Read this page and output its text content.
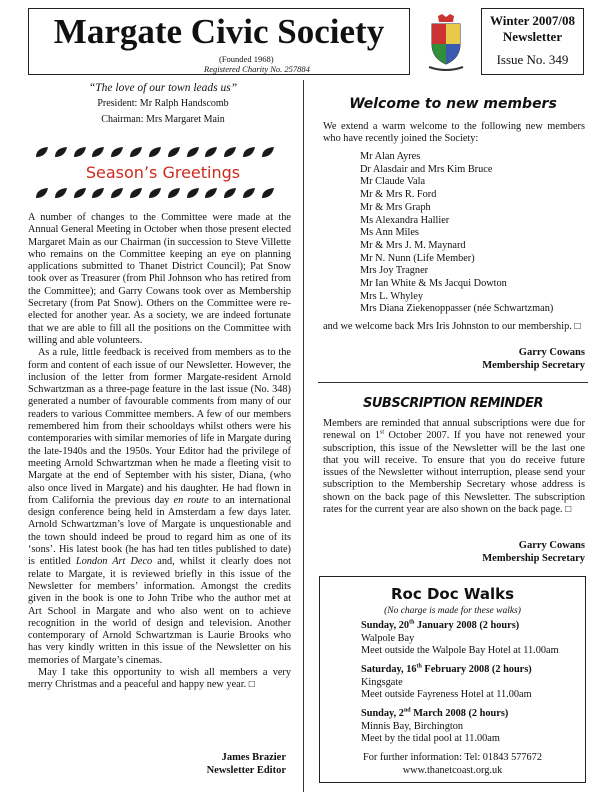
Margate Civic Society
(Founded 1968)
Registered Charity No. 257884
Winter 2007/08
Newsletter
Issue No. 349
“The love of our town leads us”
President: Mr Ralph Handscomb
Chairman: Mrs Margaret Main
Season’s Greetings

A number of changes to the Committee were made at the Annual General Meeting in October when those present elected Margaret Main as our Chairman (in succession to Steve Villette who remains on the Committee keeping an eye on planning applications submitted to Thanet District Council); Pat Snow took over as Treasurer (from Phil Johnson who has retired from the Committee); and Garry Cowans took over as Membership Secretary (from Pat Snow). Others on the Committee were re-elected for another year. As a society, we are indeed fortunate that we are able to fill all the positions on the Committee with willing and able volunteers.

As a rule, little feedback is received from members as to the form and content of each issue of our Newsletter. However, the inclusion of the letter from former Margate-resident Arnold Schwartzman as a three-page feature in the last issue (No. 348) generated a number of favourable comments from many of our readers to various Committee members. A few of our members remembered him from their schooldays whilst others were his contemporaries with similar memories of life in Margate during the late-1940s and the 1950s. Your Editor had the privilege of meeting Arnold Schwartzman when he made a fleeting visit to Margate at the end of September with his sister, Diana, (who also once lived in Margate) and his daughter. He had flown in from California the previous day en route to an international design conference being held in Amsterdam a few days later. Arnold Schwartzman’s love of Margate is unquestionable and the town should indeed be proud to regard him as one of its ‘sons’. His latest book (he has had ten titles published to date) is entitled London Art Deco and, whilst it clearly does not relate to Margate, it is reviewed briefly in this issue of the Newsletter for members’ information. Amongst the credits given in the book is one to John Tribe who the author met at Art School in Margate and who also went on to achieve recognition in the world of design and television. Another contemporary of Arnold Schwartzman is Laurie Brooks who has very kindly written in this issue of the Newsletter on his memories of Margate’s cinemas.

May I take this opportunity to wish all members a very merry Christmas and a peaceful and happy new year. □

James Brazier
Newsletter Editor
Welcome to new members

We extend a warm welcome to the following new members who have recently joined the Society:

Mr Alan Ayres
Dr Alasdair and Mrs Kim Bruce
Mr Claude Vala
Mr & Mrs R. Ford
Mr & Mrs Graph
Ms Alexandra Hallier
Ms Ann Miles
Mr & Mrs J. M. Maynard
Mr N. Nunn (Life Member)
Mrs Joy Tragner
Mr Ian White & Ms Jacqui Dowton
Mrs L. Whyley
Mrs Diana Ziekenoppasser (née Schwartzman)

and we welcome back Mrs Iris Johnston to our membership. □

Garry Cowans
Membership Secretary
SUBSCRIPTION REMINDER

Members are reminded that annual subscriptions were due for renewal on 1st October 2007. If you have not renewed your subscription, this issue of the Newsletter will be the last one that you will receive. To ensure that you do receive future issues of the Newsletter without interruption, please send your subscription to the Membership Secretary whose address is shown on the back page of this Newsletter. The subscription rates for the current year are also shown on the back page. □

Garry Cowans
Membership Secretary
Roc Doc Walks
(No charge is made for these walks)
Sunday, 20th January 2008 (2 hours)
Walpole Bay
Meet outside the Walpole Bay Hotel at 11.00am
Saturday, 16th February 2008 (2 hours)
Kingsgate
Meet outside Fayreness Hotel at 11.00am
Sunday, 2nd March 2008 (2 hours)
Minnis Bay, Birchington
Meet by the tidal pool at 11.00am
For further information: Tel: 01843 577672
www.thanetcoast.org.uk
